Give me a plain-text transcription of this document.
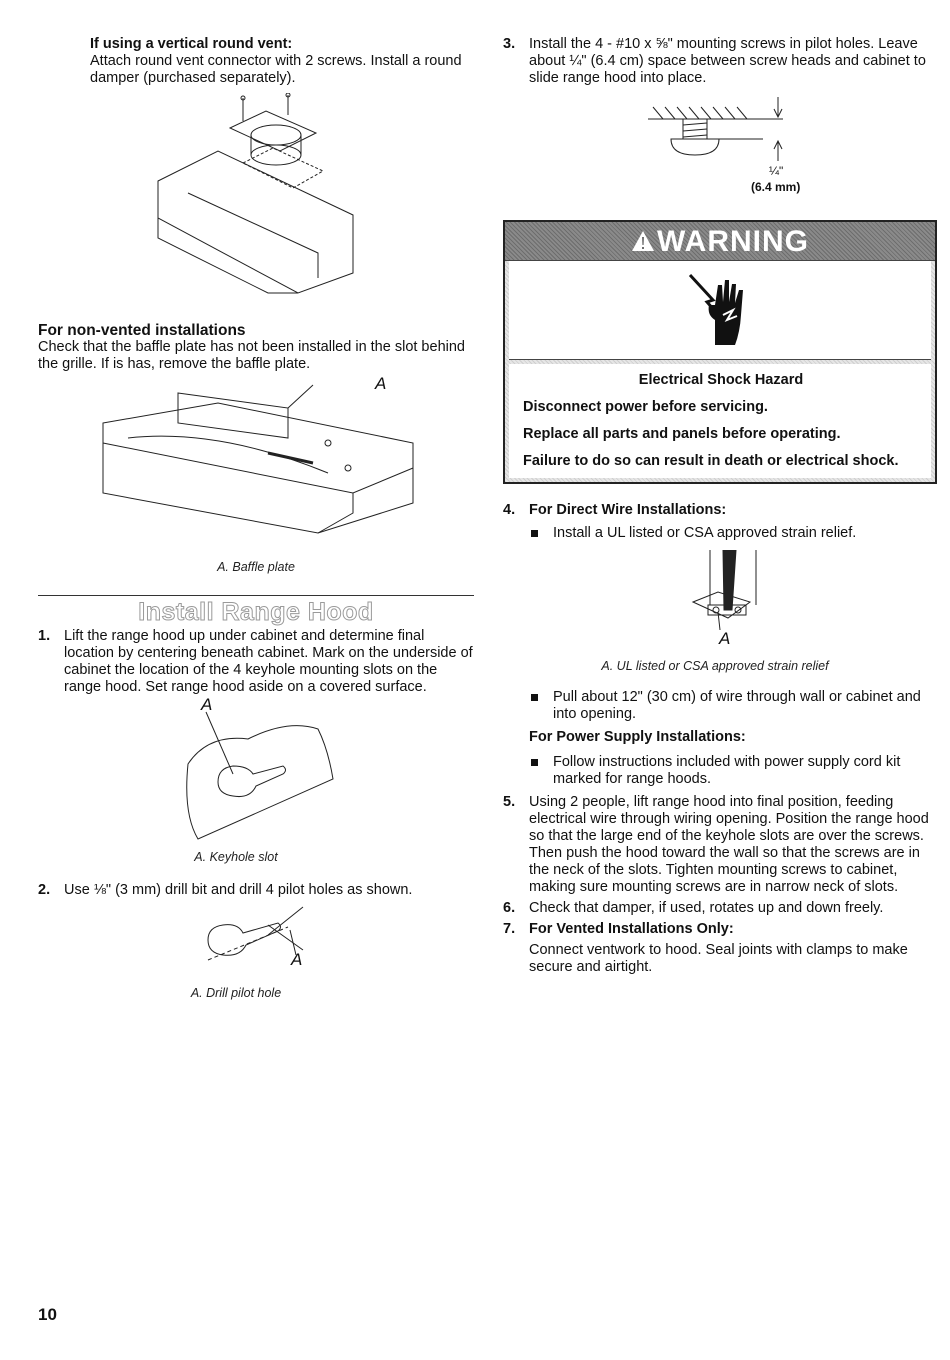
If using a vertical round vent:

Attach round vent connector with 2 screws. Install a round damper (purchased separately).

For non-vented installations

Check that the baffle plate has not been installed in the slot behind the grille. If is has, remove the baffle plate.

A

A. Baffle plate

Install Range Hood
1. Lift the range hood up under cabinet and determine final location by centering beneath cabinet. Mark on the underside of cabinet the location of the 4 keyhole mounting slots on the range hood. Set range hood aside on a covered surface.

A

A. Keyhole slot

2. Use ⅛" (3 mm) drill bit and drill 4 pilot holes as shown.

A

A. Drill pilot hole

3. Install the 4 - #10 x ⅝" mounting screws in pilot holes. Leave about ¼" (6.4 cm) space between screw heads and cabinet to slide range hood into place.

¼"
(6.4 mm)
WARNING

Electrical Shock Hazard

Disconnect power before servicing.

Replace all parts and panels before operating.

Failure to do so can result in death or electrical shock.

4. For Direct Wire Installations:

Install a UL listed or CSA approved strain relief.

A

A. UL listed or CSA approved strain relief

Pull about 12" (30 cm) of wire through wall or cabinet and into opening.

For Power Supply Installations:

Follow instructions included with power supply cord kit marked for range hoods.

5. Using 2 people, lift range hood into final position, feeding electrical wire through wiring opening. Position the range hood so that the large end of the keyhole slots are over the screws. Then push the hood toward the wall so that the screws are in the neck of the slots. Tighten mounting screws to cabinet, making sure mounting screws are in narrow neck of slots.

6. Check that damper, if used, rotates up and down freely.

7. For Vented Installations Only:

Connect ventwork to hood. Seal joints with clamps to make secure and airtight.

10
